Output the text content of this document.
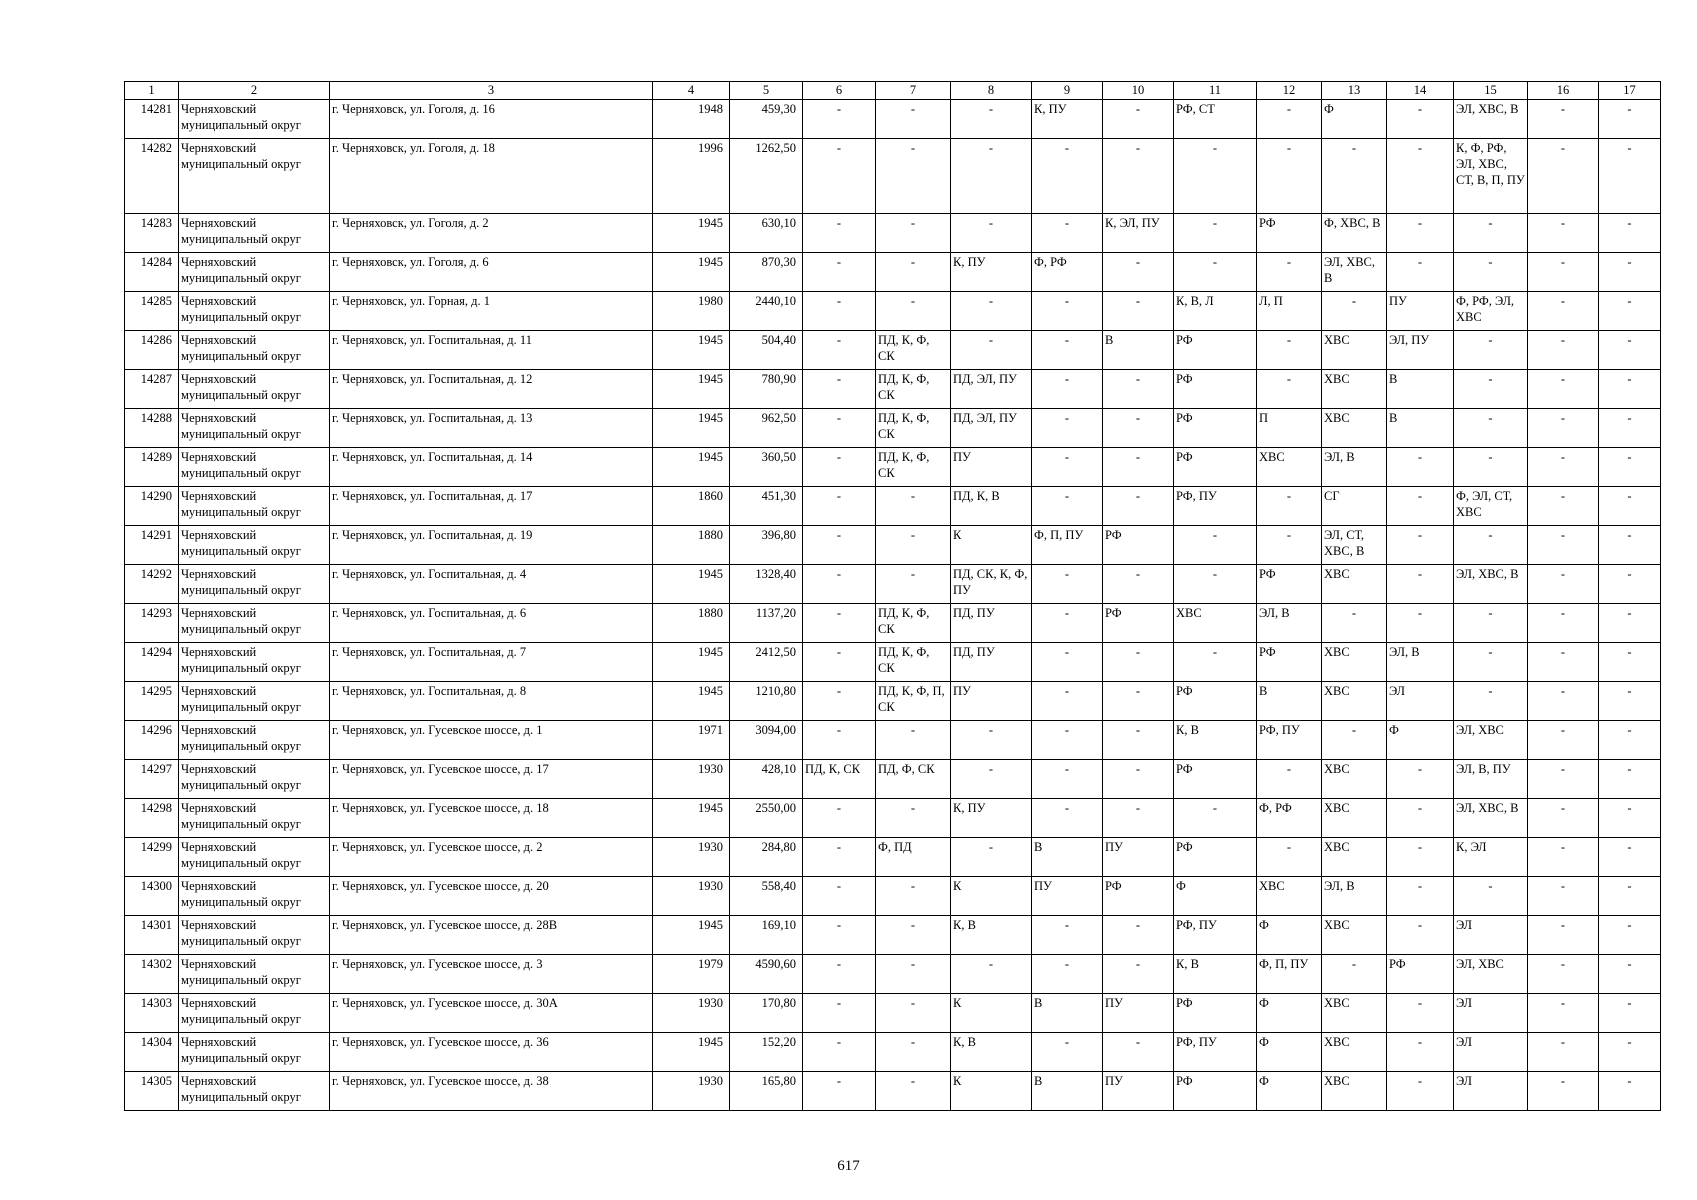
1	2	3	4	5	6	7	8	9	10	11	12	13	14	15	16	17
14281	Черняховский муниципальный округ	г. Черняховск, ул. Гоголя, д. 16	1948	459,30	-	-	-	К, ПУ	-	РФ, СТ	-	Ф	-	ЭЛ, ХВС, В	-	-
14282	Черняховский муниципальный округ	г. Черняховск, ул. Гоголя, д. 18	1996	1262,50	-	-	-	-	-	-	-	-	-	К, Ф, РФ, ЭЛ, ХВС, СТ, В, П, ПУ	-	-
14283	Черняховский муниципальный округ	г. Черняховск, ул. Гоголя, д. 2	1945	630,10	-	-	-	-	К, ЭЛ, ПУ	-	РФ	Ф, ХВС, В	-	-	-	-
14284	Черняховский муниципальный округ	г. Черняховск, ул. Гоголя, д. 6	1945	870,30	-	-	К, ПУ	Ф, РФ	-	-	-	ЭЛ, ХВС, В	-	-	-	-
14285	Черняховский муниципальный округ	г. Черняховск, ул. Горная, д. 1	1980	2440,10	-	-	-	-	-	К, В, Л	Л, П	-	ПУ	Ф, РФ, ЭЛ, ХВС	-	-
14286	Черняховский муниципальный округ	г. Черняховск, ул. Госпитальная, д. 11	1945	504,40	-	ПД, К, Ф, СК	-	-	В	РФ	-	ХВС	ЭЛ, ПУ	-	-	-
14287	Черняховский муниципальный округ	г. Черняховск, ул. Госпитальная, д. 12	1945	780,90	-	ПД, К, Ф, СК	ПД, ЭЛ, ПУ	-	-	РФ	-	ХВС	В	-	-	-
14288	Черняховский муниципальный округ	г. Черняховск, ул. Госпитальная, д. 13	1945	962,50	-	ПД, К, Ф, СК	ПД, ЭЛ, ПУ	-	-	РФ	П	ХВС	В	-	-	-
14289	Черняховский муниципальный округ	г. Черняховск, ул. Госпитальная, д. 14	1945	360,50	-	ПД, К, Ф, СК	ПУ	-	-	РФ	ХВС	ЭЛ, В	-	-	-	-
14290	Черняховский муниципальный округ	г. Черняховск, ул. Госпитальная, д. 17	1860	451,30	-	-	ПД, К, В	-	-	РФ, ПУ	-	СГ	-	Ф, ЭЛ, СТ, ХВС	-	-
14291	Черняховский муниципальный округ	г. Черняховск, ул. Госпитальная, д. 19	1880	396,80	-	-	К	Ф, П, ПУ	РФ	-	-	ЭЛ, СТ, ХВС, В	-	-	-	-
14292	Черняховский муниципальный округ	г. Черняховск, ул. Госпитальная, д. 4	1945	1328,40	-	-	ПД, СК, К, Ф, ПУ	-	-	-	РФ	ХВС	-	ЭЛ, ХВС, В	-	-
14293	Черняховский муниципальный округ	г. Черняховск, ул. Госпитальная, д. 6	1880	1137,20	-	ПД, К, Ф, СК	ПД, ПУ	-	РФ	ХВС	ЭЛ, В	-	-	-	-	-
14294	Черняховский муниципальный округ	г. Черняховск, ул. Госпитальная, д. 7	1945	2412,50	-	ПД, К, Ф, СК	ПД, ПУ	-	-	-	РФ	ХВС	ЭЛ, В	-	-	-
14295	Черняховский муниципальный округ	г. Черняховск, ул. Госпитальная, д. 8	1945	1210,80	-	ПД, К, Ф, П, СК	ПУ	-	-	РФ	В	ХВС	ЭЛ	-	-	-
14296	Черняховский муниципальный округ	г. Черняховск, ул. Гусевское шоссе, д. 1	1971	3094,00	-	-	-	-	-	К, В	РФ, ПУ	-	Ф	ЭЛ, ХВС	-	-
14297	Черняховский муниципальный округ	г. Черняховск, ул. Гусевское шоссе, д. 17	1930	428,10	ПД, К, СК	ПД, Ф, СК	-	-	-	РФ	-	ХВС	-	ЭЛ, В, ПУ	-	-
14298	Черняховский муниципальный округ	г. Черняховск, ул. Гусевское шоссе, д. 18	1945	2550,00	-	-	К, ПУ	-	-	-	Ф, РФ	ХВС	-	ЭЛ, ХВС, В	-	-
14299	Черняховский муниципальный округ	г. Черняховск, ул. Гусевское шоссе, д. 2	1930	284,80	-	Ф, ПД	-	В	ПУ	РФ	-	ХВС	-	К, ЭЛ	-	-
14300	Черняховский муниципальный округ	г. Черняховск, ул. Гусевское шоссе, д. 20	1930	558,40	-	-	К	ПУ	РФ	Ф	ХВС	ЭЛ, В	-	-	-	-
14301	Черняховский муниципальный округ	г. Черняховск, ул. Гусевское шоссе, д. 28В	1945	169,10	-	-	К, В	-	-	РФ, ПУ	Ф	ХВС	-	ЭЛ	-	-
14302	Черняховский муниципальный округ	г. Черняховск, ул. Гусевское шоссе, д. 3	1979	4590,60	-	-	-	-	-	К, В	Ф, П, ПУ	-	РФ	ЭЛ, ХВС	-	-
14303	Черняховский муниципальный округ	г. Черняховск, ул. Гусевское шоссе, д. 30А	1930	170,80	-	-	К	В	ПУ	РФ	Ф	ХВС	-	ЭЛ	-	-
14304	Черняховский муниципальный округ	г. Черняховск, ул. Гусевское шоссе, д. 36	1945	152,20	-	-	К, В	-	-	РФ, ПУ	Ф	ХВС	-	ЭЛ	-	-
14305	Черняховский муниципальный округ	г. Черняховск, ул. Гусевское шоссе, д. 38	1930	165,80	-	-	К	В	ПУ	РФ	Ф	ХВС	-	ЭЛ	-	-
617
